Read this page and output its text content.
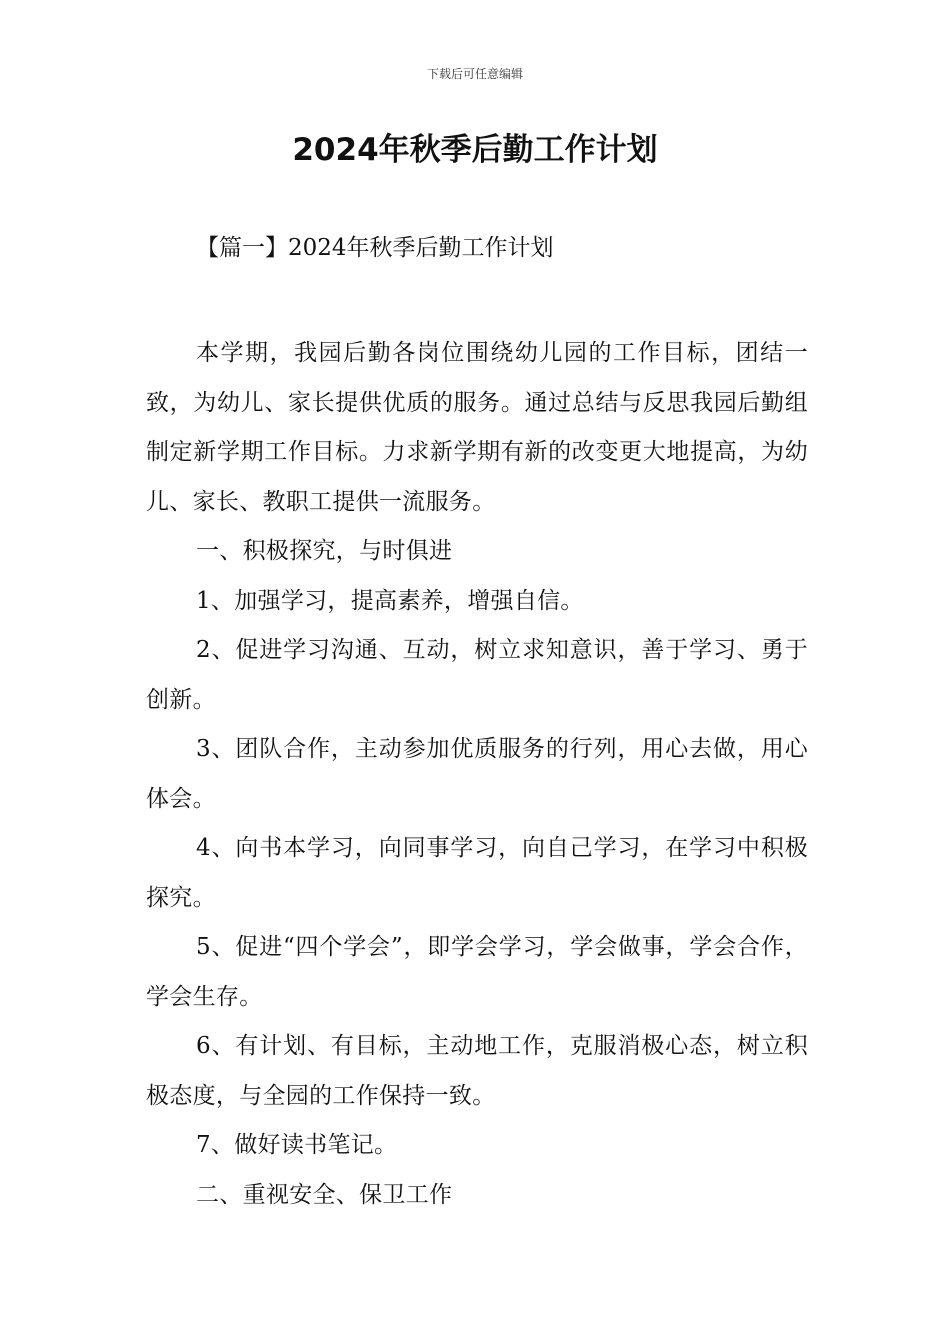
下载后可任意编辑
2024年秋季后勤工作计划

【篇一】2024年秋季后勤工作计划

本学期，我园后勤各岗位围绕幼儿园的工作目标，团结一致，为幼儿、家长提供优质的服务。通过总结与反思我园后勤组制定新学期工作目标。力求新学期有新的改变更大地提高，为幼儿、家长、教职工提供一流服务。

一、积极探究，与时俱进

1、加强学习，提高素养，增强自信。

2、促进学习沟通、互动，树立求知意识，善于学习、勇于创新。

3、团队合作，主动参加优质服务的行列，用心去做，用心体会。

4、向书本学习，向同事学习，向自己学习，在学习中积极探究。

5、促进“四个学会”，即学会学习，学会做事，学会合作，学会生存。

6、有计划、有目标，主动地工作，克服消极心态，树立积极态度，与全园的工作保持一致。

7、做好读书笔记。

二、重视安全、保卫工作
